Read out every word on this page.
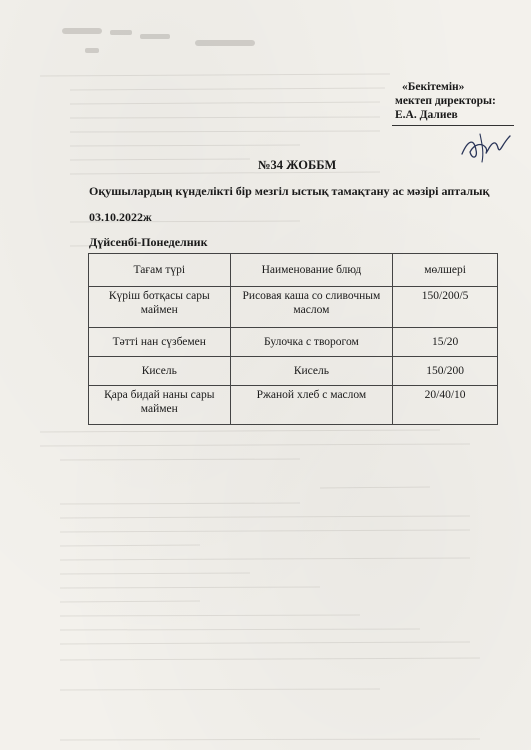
«Бекітемін»
мектеп директоры:
Е.А. Далиев
№34 ЖОББМ
Оқушылардың күнделікті бір мезгіл ыстық тамақтану ас мәзірі апталық
03.10.2022ж
Дүйсенбі-Понеделник
Тағам түрі	Наименование блюд	мөлшері
Күріш ботқасы сары маймен	Рисовая каша со сливочным маслом	150/200/5
Тәтті нан сүзбемен	Булочка с творогом	15/20
Кисель	Кисель	150/200
Қара бидай наны сары маймен	Ржаной хлеб с маслом	20/40/10
